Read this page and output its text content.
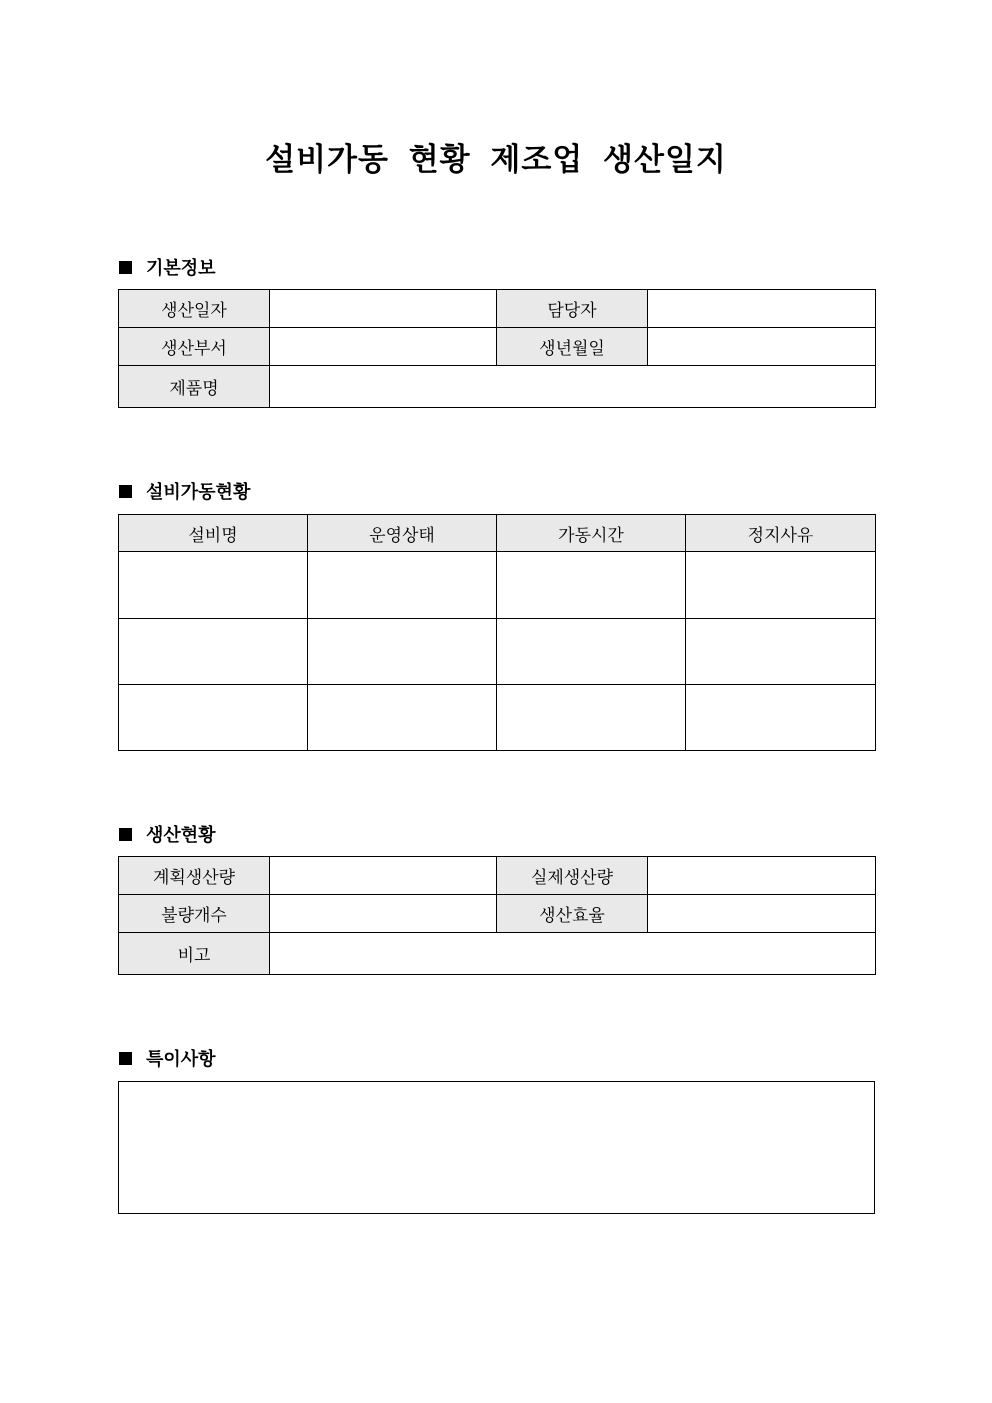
설비가동 현황 제조업 생산일지
기본정보
생산일자		담당자	
생산부서		생년월일	
제품명			
설비가동현황
설비명	운영상태	가동시간	정지사유

생산현황
계획생산량		실제생산량	
불량개수		생산효율	
비고			
특이사항
